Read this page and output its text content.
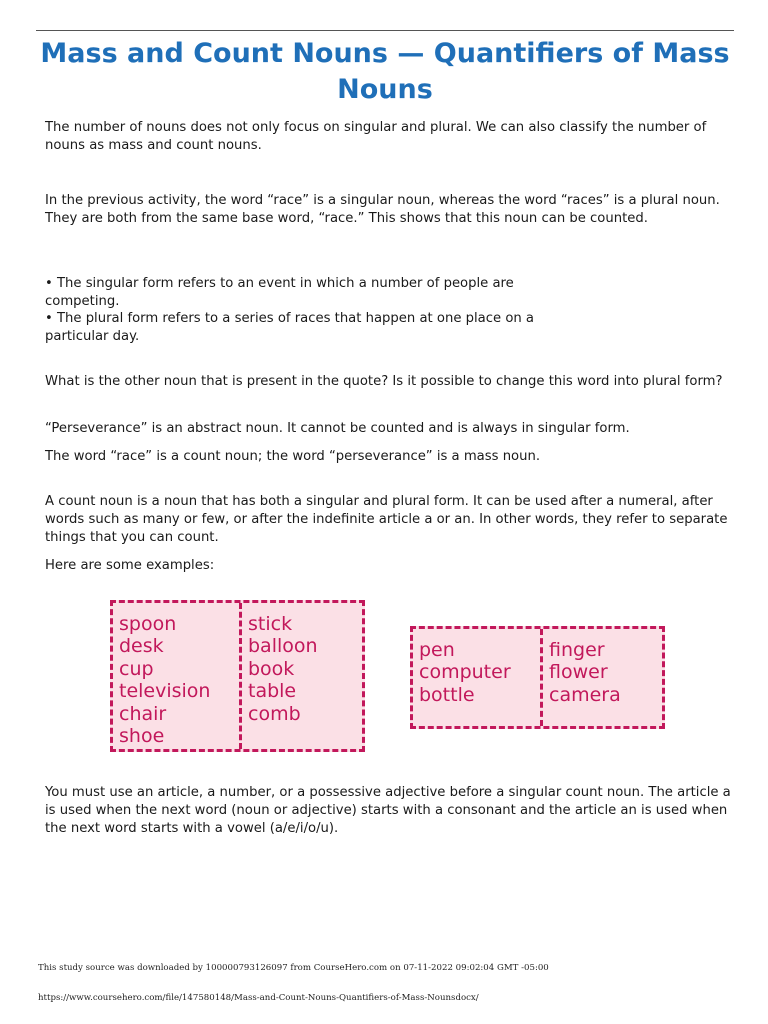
Mass and Count Nouns — Quantifiers of Mass Nouns

The number of nouns does not only focus on singular and plural. We can also classify the number of nouns as mass and count nouns.

In the previous activity, the word “race” is a singular noun, whereas the word “races” is a plural noun. They are both from the same base word, “race.” This shows that this noun can be counted.

• The singular form refers to an event in which a number of people are competing.

• The plural form refers to a series of races that happen at one place on a particular day.

What is the other noun that is present in the quote? Is it possible to change this word into plural form?

“Perseverance” is an abstract noun. It cannot be counted and is always in singular form.

The word “race” is a count noun; the word “perseverance” is a mass noun.

A count noun is a noun that has both a singular and plural form. It can be used after a numeral, after words such as many or few, or after the indefinite article a or an. In other words, they refer to separate things that you can count.

Here are some examples:

spoon
desk
cup
television
chair
shoe
stick
balloon
book
table
comb
pen
computer
bottle
finger
flower
camera

You must use an article, a number, or a possessive adjective before a singular count noun. The article a is used when the next word (noun or adjective) starts with a consonant and the article an is used when the next word starts with a vowel (a/e/i/o/u).

This study source was downloaded by 100000793126097 from CourseHero.com on 07-11-2022 09:02:04 GMT -05:00
https://www.coursehero.com/file/147580148/Mass-and-Count-Nouns-Quantifiers-of-Mass-Nounsdocx/
